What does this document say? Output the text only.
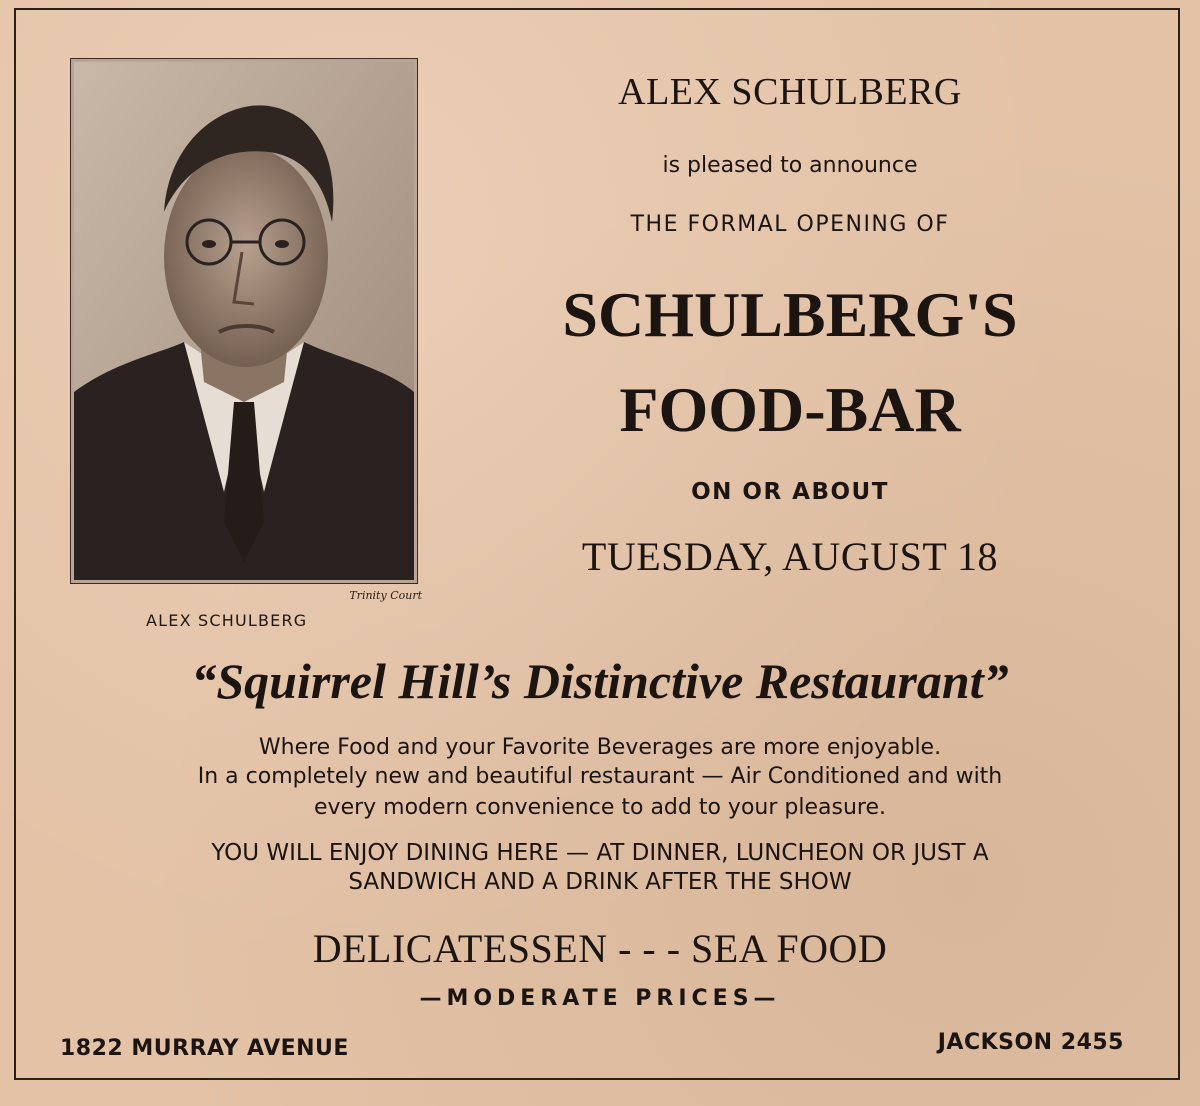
Trinity Court
ALEX SCHULBERG
ALEX SCHULBERG
is pleased to announce
THE FORMAL OPENING OF
SCHULBERG'S
FOOD-BAR
ON OR ABOUT
TUESDAY, AUGUST 18
“Squirrel Hill’s Distinctive Restaurant”
Where Food and your Favorite Beverages are more enjoyable.
In a completely new and beautiful restaurant — Air Conditioned and with
every modern convenience to add to your pleasure.
YOU WILL ENJOY DINING HERE — AT DINNER, LUNCHEON OR JUST A
SANDWICH AND A DRINK AFTER THE SHOW
DELICATESSEN - - - SEA FOOD
—MODERATE PRICES—
1822 MURRAY AVENUE	JACKSON 2455
